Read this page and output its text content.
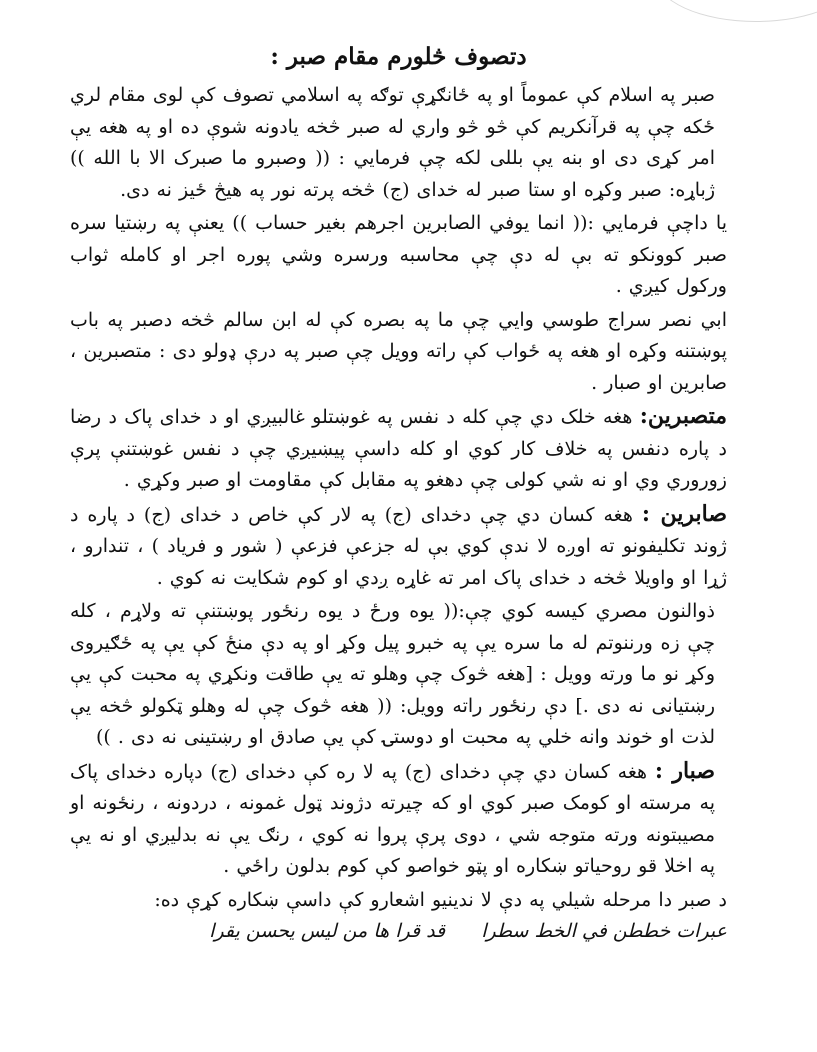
دتصوف څلورم مقام صبر :

صبر په اسلام کې عموماً او په ځانګړې توګه په اسلامي تصوف کې لوی مقام لري ځکه چې په قرآنکریم کې څو څو واري له صبر څخه یادونه شوې ده او په هغه یې امر کړی دی او بنه یې بللی لکه چې فرمایي : (( وصبرو ما صبرک الا با الله )) ژباړه: صبر وکړه او ستا صبر له خدای (ج) څخه پرته نور په هیڅ ځیز نه دی.

یا داچې فرمایي :(( انما یوفي الصابرین اجرهم بغیر حساب )) یعنې په رښتیا سره صبر کوونکو ته بې له دې چې محاسبه ورسره وشي پوره اجر او کامله ثواب ورکول کیږي .

ابي نصر سراج طوسي وایي چې ما په بصره کې له ابن سالم څخه دصبر په باب پوښتنه وکړه او هغه په ځواب کې راته وویل چې صبر په درې ډولو دی : متصبرین ، صابرین او صبار .

متصبرین: هغه خلک دي چې کله د نفس په غوښتلو غالبیږي او د خدای پاک د رضا د پاره دنفس په خلاف کار کوي او کله داسې پیښیږي چې د نفس غوښتنې پرې زوروري وي او نه شي کولی چې دهغو په مقابل کې مقاومت او صبر وکړي .

صابرین : هغه کسان دي چې دخدای (ج) په لار کې خاص د خدای (ج) د پاره د ژوند تکلیفونو ته اوږه لا ندې کوي بې له جزعې فزعې ( شور و فریاد ) ، تندارو ، ژړا او واویلا څخه د خدای پاک امر ته غاړه ږدي او کوم شکایت نه کوي .

ذوالنون مصري کیسه کوي چې:(( یوه ورځ د یوه رنځور پوښتنې ته ولاړم ، کله چې زه ورننوتم له ما سره یې په خبرو پیل وکړ او په دې منځ کې یې په ځګیروی وکړ نو ما ورته وویل : [هغه څوک چې وهلو ته یې طاقت ونکړي په محبت کې یې رښتیانی نه دی .] دې رنځور راته وویل: (( هغه څوک چې له وهلو ټکولو څخه یې لذت او خوند وانه خلي په محبت او دوستۍ کې یې صادق او رښتینی نه دی . ))

صبار : هغه کسان دي چې دخدای (ج) په لا ره کې دخدای (ج) دپاره دخدای پاک په مرسته او کومک صبر کوي او که چیرته دژوند ټول غمونه ، دردونه ، رنځونه او مصیبتونه ورته متوجه شي ، دوی پرې پروا نه کوي ، رنګ یې نه بدلیږي او نه یې په اخلا قو روحیاتو ښکاره او پټو خواصو کې کوم بدلون راځي .

د صبر دا مرحله شیلي په دې لا ندینیو اشعارو کې داسې ښکاره کړې ده:

عبرات خططن في الخط سطرا قد قرا ها من لیس یحسن یقرا
